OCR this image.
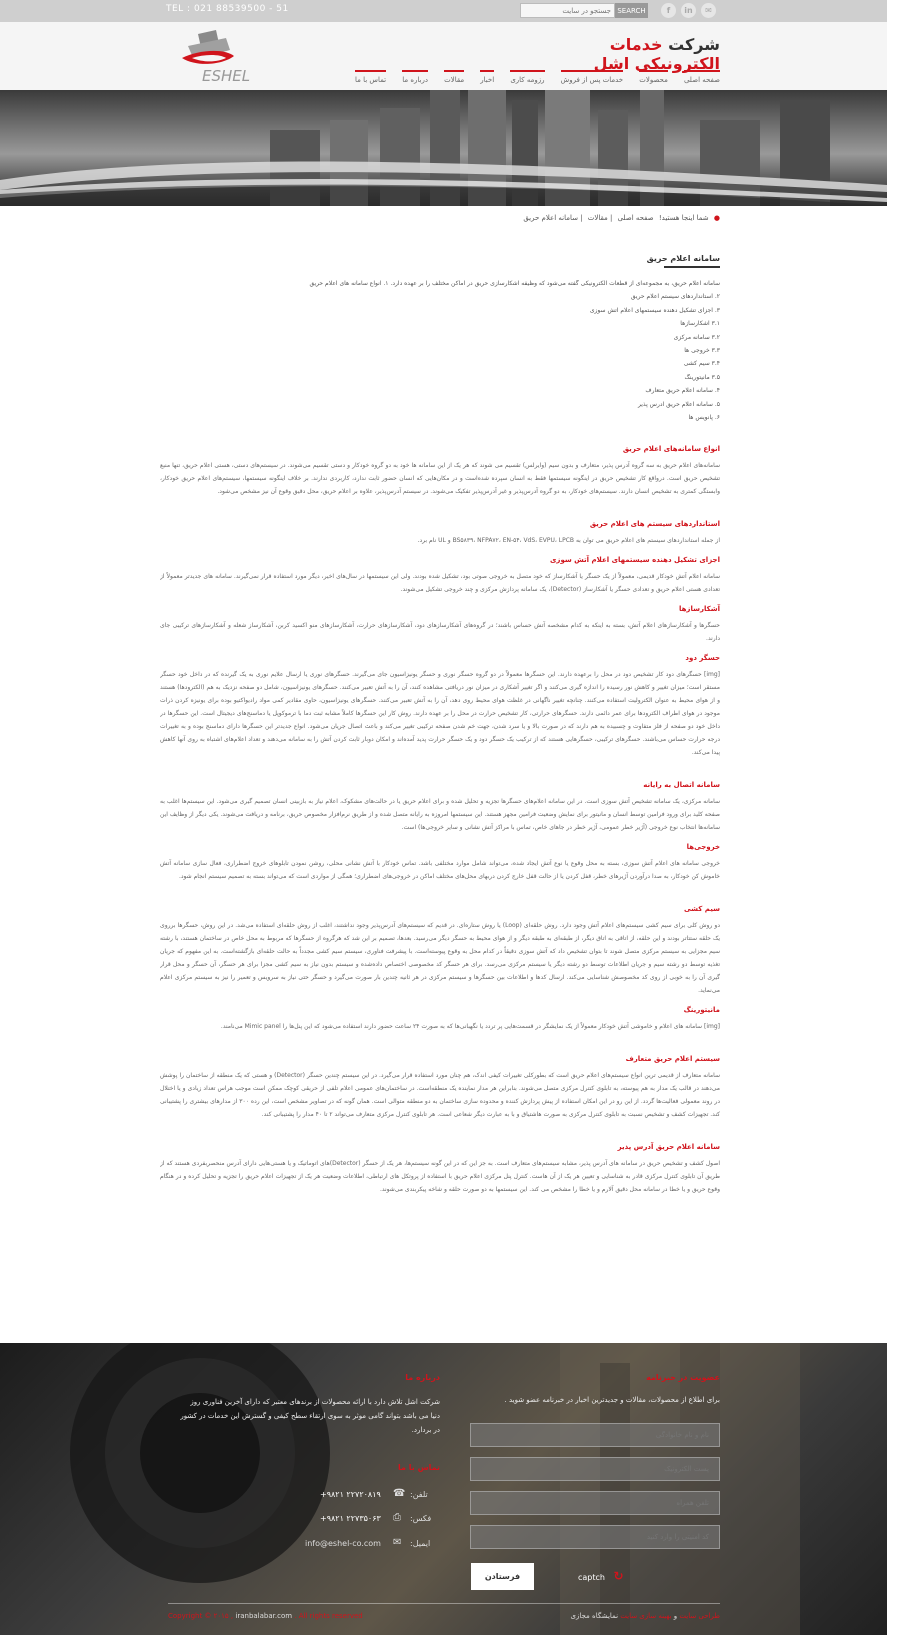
TEL : 021 88539500 - 51
جستجو در سایت	SEARCH	f	in	✉
ESHEL
شرکت خدمات الکترونیکی اشل
صفحه اصلی
محصولات
خدمات پس از فروش
رزومه کاری
اخبار
مقالات
درباره ما
تماس با ما
● شما اینجا هستید! صفحه اصلی | مقالات | سامانه اعلام حریق
سامانه اعلام حریق
سامانه اعلام حریق، به مجموعه‌ای از قطعات الکترونیکی گفته می‌شود که وظیفه آشکارسازی حریق در اماکن مختلف را بر عهده دارد. ۱. انواع سامانه های اعلام حریق
۲. استانداردهای سیستم اعلام حریق
۳. اجزای تشکیل دهنده سیستمهای اعلام آتش سوزی
۳.۱ آشکارسازها
۳.۲ سامانه مرکزی
۳.۳ خروجی ها
۳.۴ سیم کشی
۳.۵ مانیتورینگ
۴. سامانه اعلام حریق متعارف
۵. سامانه اعلام حریق آدرس پذیر
۶. پانویس ها
انواع سامانه‌های اعلام حریق
سامانه‌های اعلام حریق به سه گروه آدرس پذیر، متعارف و بدون سیم (وایرلس) تقسیم می شوند که هر یک از این سامانه ها خود به دو گروه خودکار و دستی تقسیم می‌شوند. در سیستم‌های دستی، هستی اعلام حریق، تنها منبع تشخیص حریق است. درواقع کار تشخیص حریق در اینگونه سیستمها فقط به انسان سپرده شده‌است و در مکان‌هایی که انسان حضور ثابت ندارد، کاربردی ندارند. بر خلاف اینگونه سیستمها، سیستم‌های اعلام حریق خودکار، وابستگی کمتری به تشخیص انسان دارند. سیستم‌های خودکار، به دو گروه آدرس‌پذیر و غیر آدرس‌پذیر تفکیک می‌شوند. در سیستم آدرس‌پذیر، علاوه بر اعلام حریق، محل دقیق وقوع آن نیز مشخص می‌شود.
استانداردهای سیستم های اعلام حریق
از جمله استانداردهای سیستم های اعلام حریق می توان به BS۵۸۳۹، NFPA۷۲، EN-۵۴، VdS، EVPU، LPCB و UL نام برد.
اجزای تشکیل دهنده سیستمهای اعلام آتش سوزی
سامانه اعلام آتش خودکار قدیمی، معمولاً از یک حسگر یا آشکارساز که خود متصل به خروجی صوتی بود، تشکیل شده بودند. ولی این سیستمها در سال‌های اخیر، دیگر مورد استفاده قرار نمی‌گیرند. سامانه های جدیدتر معمولاً از تعدادی هستی اعلام حریق و تعدادی حسگر یا آشکارساز (Detector)، یک سامانه پردازش مرکزی و چند خروجی تشکیل می‌شوند.
آشکارسازها
حسگرها و آشکارسازهای اعلام آتش، بسته به اینکه به کدام مشخصه آتش حساس باشند؛ در گروه‌های آشکارسازهای دود، آشکارسازهای حرارت، آشکارسازهای منو اکسید کربن، آشکارساز شعله و آشکارسازهای ترکیبی جای دارند.
حسگر دود
[img] حسگرهای دود کار تشخیص دود در محل را برعهده دارند. این حسگرها معمولاً در دو گروه حسگر نوری و حسگر یونیزاسیون جای می‌گیرند. حسگرهای نوری یا ارسال علایم نوری به یک گیرنده که در داخل خود حسگر مستقر است؛ میزان تغییر و کاهش نور رسیده را اندازه گیری می‌کنند و اگر تغییر آشکاری در میزان نور دریافتی مشاهده کنند، آن را به آتش تعبیر می‌کنند. حسگرهای یونیزاسیون، شامل دو صفحه نزدیک به هم (الکترودها) هستند و از هوای محیط به عنوان الکترولیت استفاده می‌کنند. چنانچه تغییر ناگهانی در غلظت هوای محیط روی دهد، آن را به آتش تعبیر می‌کنند. حسگرهای یونیزاسیون، حاوی مقادیر کمی مواد رادیواکتیو بوده برای یونیزه کردن ذرات موجود در هوای اطراف الکترودها برای عمر دائمی دارند. حسگرهای حرارتی، کار تشخیص حرارت در محل را بر عهده دارند. روش کار این حسگرها کاملاً مشابه ثبت دما با ترموکوپل یا دماسنج‌های دیجیتال است. این حسگرها در داخل خود دو صفحه از فلز متفاوت و چسبیده به هم دارند که در صورت بالا و یا سرد شدن، جهت خم شدن صفحه ترکیبی تغییر می‌کند و باعث اتصال جریان می‌شود. انواع جدیدتر این حسگرها دارای دماسنج بوده و به تغییرات درجه حرارت حساس می‌باشند. حسگرهای ترکیبی، حسگرهایی هستند که از ترکیب یک حسگر دود و یک حسگر حرارت پدید آمده‌اند و امکان دوبار ثابت کردن آتش را به سامانه می‌دهند و تعداد اعلام‌های اشتباه به روی آنها کاهش پیدا می‌کند.
سامانه اتصال به رایانه
سامانه مرکزی، یک سامانه تشخیص آتش سوزی است. در این سامانه اعلام‌های حسگرها تجزیه و تحلیل شده و برای اعلام حریق یا در حالت‌های مشکوک، اعلام نیاز به بازبینی انسان تصمیم گیری می‌شود. این سیستم‌ها اغلب به صفحه کلید برای ورود فرامین توسط انسان و مانیتور برای نمایش وضعیت فرامین مجهز هستند. این سیستمها امروزه به رایانه متصل شده و از طریق نرم‌افزار مخصوص حریق، برنامه و دریافت می‌شوند. یکی دیگر از وظایف این سامانه‌ها انتخاب نوع خروجی (آژیر خطر عمومی، آژیر خطر در جاهای خاص، تماس با مراکز آتش نشانی و سایر خروجی‌ها) است.
خروجی‌ها
خروجی سامانه های اعلام آتش سوزی، بسته به محل وقوع یا نوع آتش ایجاد شده، می‌تواند شامل موارد مختلفی باشد. تماس خودکار با آتش نشانی محلی، روشن نمودن تابلوهای خروج اضطراری، فعال سازی سامانه آتش خاموش کن خودکار، به صدا درآوردن آژیرهای خطر، قفل کردن یا از حالت قفل خارج کردن دربهای محل‌های مختلف اماکن در خروجی‌های اضطراری؛ همگی از مواردی است که می‌تواند بسته به تصمیم سیستم انجام شود.
سیم کشی
دو روش کلی برای سیم کشی سیستم‌های اعلام آتش وجود دارد. روش حلقه‌ای (Loop) یا روش ستاره‌ای. در قدیم که سیستم‌های آدرس‌پذیر وجود نداشتند، اغلب از روش حلقه‌ای استفاده می‌شد. در این روش، حسگرها برروی یک حلقه ستتاتر بودند و این حلقه، از اتاقی به اتاق دیگر، از طبقه‌ای به طبقه دیگر و از هوای محیط به حسگر دیگر می‌رسید. بعدها، تصمیم بر این شد که هرگروه از حسگرها که مربوط به محل خاص در ساختمان هستند، با رشته سیم مجزایی به سیستم مرکزی متصل شوند تا بتوان تشخیص داد که آتش سوزی دقیقاً در کدام محل به وقوع پیوسته‌است. با پیشرفت فناوری، سیستم سیم کشی مجدداً به حالت حلقه‌ای بازگشته‌است. به این مفهوم که جریان تغذیه توسط دو رشته سیم و جریان اطلاعات توسط دو رشته دیگر یا سیستم مرکزی می‌رسد. برای هر حسگر کد مخصوصی اختصاص داده‌شده و سیستم بدون نیاز به سیم کشی مجزا برای هر حسگر، آن حسگر و محل قرار گیری آن را به خوبی از روی کد مخصوصش شناسایی می‌کند. ارسال کدها و اطلاعات بین حسگرها و سیستم مرکزی در هر ثانیه چندین بار صورت می‌گیرد و حسگر حتی نیاز به سرویس و تعمیر را نیز به سیستم مرکزی اعلام می‌نماید.
مانیتورینگ
[img] سامانه های اعلام و خاموشی آتش خودکار معمولاً از یک نمایشگر در قسمت‌هایی پر تردد یا نگهبانی‌ها که به صورت ۲۴ ساعت حضور دارند استفاده می‌شود که این پنل‌ها را Mimic panel می‌نامند.
سیستم اعلام حریق متعارف
سامانه متعارف از قدیمی ترین انواع سیستم‌های اعلام حریق است که بطورکلی تغییرات کیفی اندک، هم چنان مورد استفاده قرار می‌گیرد. در این سیستم چندین حسگر (Detector) و هستی که یک منطقه از ساختمان را پوشش می‌دهند در قالب یک مدار به هم پیوسته، به تابلوی کنترل مرکزی متصل می‌شوند. بنابراین هر مدار نماینده یک منطقه‌است. در ساختمان‌های عمومی اعلام تلفی از حریقی کوچک ممکن است موجب هراس تعداد زیادی و یا اختلال در روند معمولی فعالیت‌ها گردد. از این رو در این امکان استفاده از پیش پردازش کننده و محدوده سازی ساختمان به دو منطقه متوالی است. همان گونه که در تصاویر مشخص است، این رده ۳۰۰ از مدارهای بیشتری را پشتیبانی کند. تجهیزات کشف و تشخیص نسبت به تابلوی کنترل مرکزی به صورت هاشتیاق و با به عبارت دیگر شعاعی است. هر تابلوی کنترل مرکزی متعارف می‌تواند ۲ تا ۴۰ مدار را پشتیبانی کند.
سامانه اعلام حریق آدرس پذیر
اصول کشف و تشخیص حریق در سامانه های آدرس پذیر، مشابه سیستم‌های متعارف است. به جز این که در این گونه سیستم‌ها، هر یک از حسگر (Detector)های اتوماتیک و یا هستی‌هایی دارای آدرس منحصربفردی هستند که از طریق آن تابلوی کنترل مرکزی قادر به شناسایی و تعیین هر یک از آن هاست. کنترل پنل مرکزی اعلام حریق با استفاده از پروتکل های ارتباطی، اطلاعات وضعیت هر یک از تجهیزات اعلام حریق را تجزیه و تحلیل کرده و در هنگام وقوع حریق و یا خطا در سامانه محل دقیق آلارم و یا خطا را مشخص می کند. این سیستمها به دو صورت حلقه و شاخه پیکربندی می‌شوند.
عضویت در خبرنامه
برای اطلاع از محصولات، مقالات و جدیدترین اخبار در خبرنامه عضو شوید .
نام و نام خانوادگی
پست الکترونیک
تلفن همراه
کد امنیتی را وارد کنید
فرستادن	captch ↻
درباره ما
شرکت اشل تلاش دارد با ارائه محصولات از برندهای معتبر که دارای آخرین فناوری روز دنیا می باشد بتواند گامی موثر به سوی ارتقاء سطح کیفی و گسترش این خدمات در کشور در بردارد.
تماس با ما
+۹۸۲۱ ۲۲۷۲۰۸۱۹ ☎ تلفن:
+۹۸۲۱ ۲۲۷۳۵۰۶۳ ⎙ فکس:
info@eshel-co.com ✉ ایمیل:
Copyright © ۲۰۱۵ , iranbalabar.com . All rights reserved	طراحی سایت و بهینه سازی سایت نمایشگاه مجازی
